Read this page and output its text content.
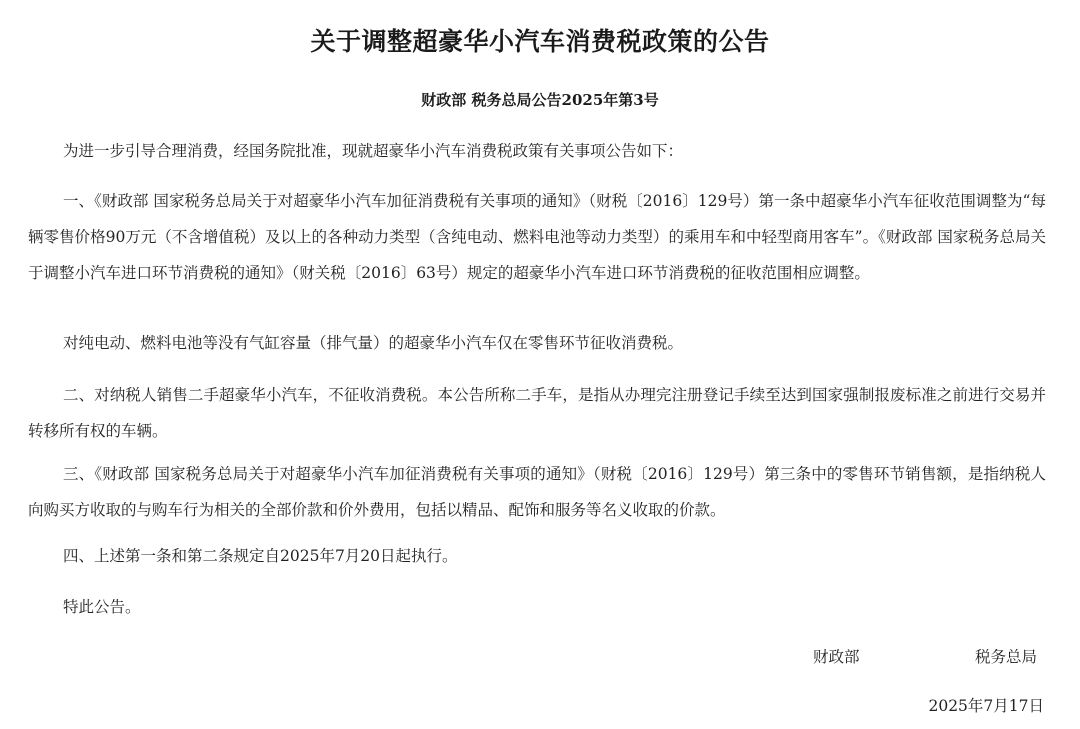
关于调整超豪华小汽车消费税政策的公告
财政部 税务总局公告2025年第3号

为进一步引导合理消费，经国务院批准，现就超豪华小汽车消费税政策有关事项公告如下：

一、《财政部 国家税务总局关于对超豪华小汽车加征消费税有关事项的通知》（财税〔2016〕129号）第一条中超豪华小汽车征收范围调整为“每辆零售价格90万元（不含增值税）及以上的各种动力类型（含纯电动、燃料电池等动力类型）的乘用车和中轻型商用客车”。《财政部 国家税务总局关于调整小汽车进口环节消费税的通知》（财关税〔2016〕63号）规定的超豪华小汽车进口环节消费税的征收范围相应调整。

对纯电动、燃料电池等没有气缸容量（排气量）的超豪华小汽车仅在零售环节征收消费税。

二、对纳税人销售二手超豪华小汽车，不征收消费税。本公告所称二手车，是指从办理完注册登记手续至达到国家强制报废标准之前进行交易并转移所有权的车辆。

三、《财政部 国家税务总局关于对超豪华小汽车加征消费税有关事项的通知》（财税〔2016〕129号）第三条中的零售环节销售额，是指纳税人向购买方收取的与购车行为相关的全部价款和价外费用，包括以精品、配饰和服务等名义收取的价款。

四、上述第一条和第二条规定自2025年7月20日起执行。

特此公告。

财政部	税务总局
2025年7月17日
